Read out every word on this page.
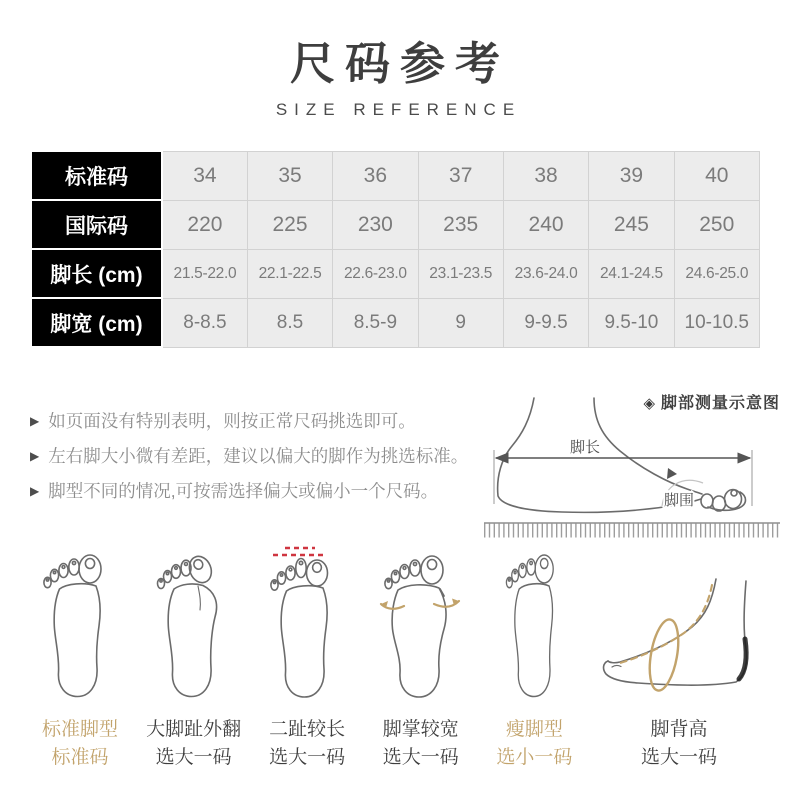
尺码参考
SIZE REFERENCE
标准码	34	35	36	37	38	39	40
国际码	220	225	230	235	240	245	250
脚长 (cm)	21.5-22.0	22.1-22.5	22.6-23.0	23.1-23.5	23.6-24.0	24.1-24.5	24.6-25.0
脚宽 (cm)	8-8.5	8.5	8.5-9	9	9-9.5	9.5-10	10-10.5
▶ 如页面没有特别表明，则按正常尺码挑选即可。
▶ 左右脚大小微有差距，建议以偏大的脚作为挑选标准。
▶ 脚型不同的情况,可按需选择偏大或偏小一个尺码。
◈ 脚部测量示意图
脚长
脚围
标准脚型
标准码
大脚趾外翻
选大一码
二趾较长
选大一码
脚掌较宽
选大一码
瘦脚型
选小一码
脚背高
选大一码
